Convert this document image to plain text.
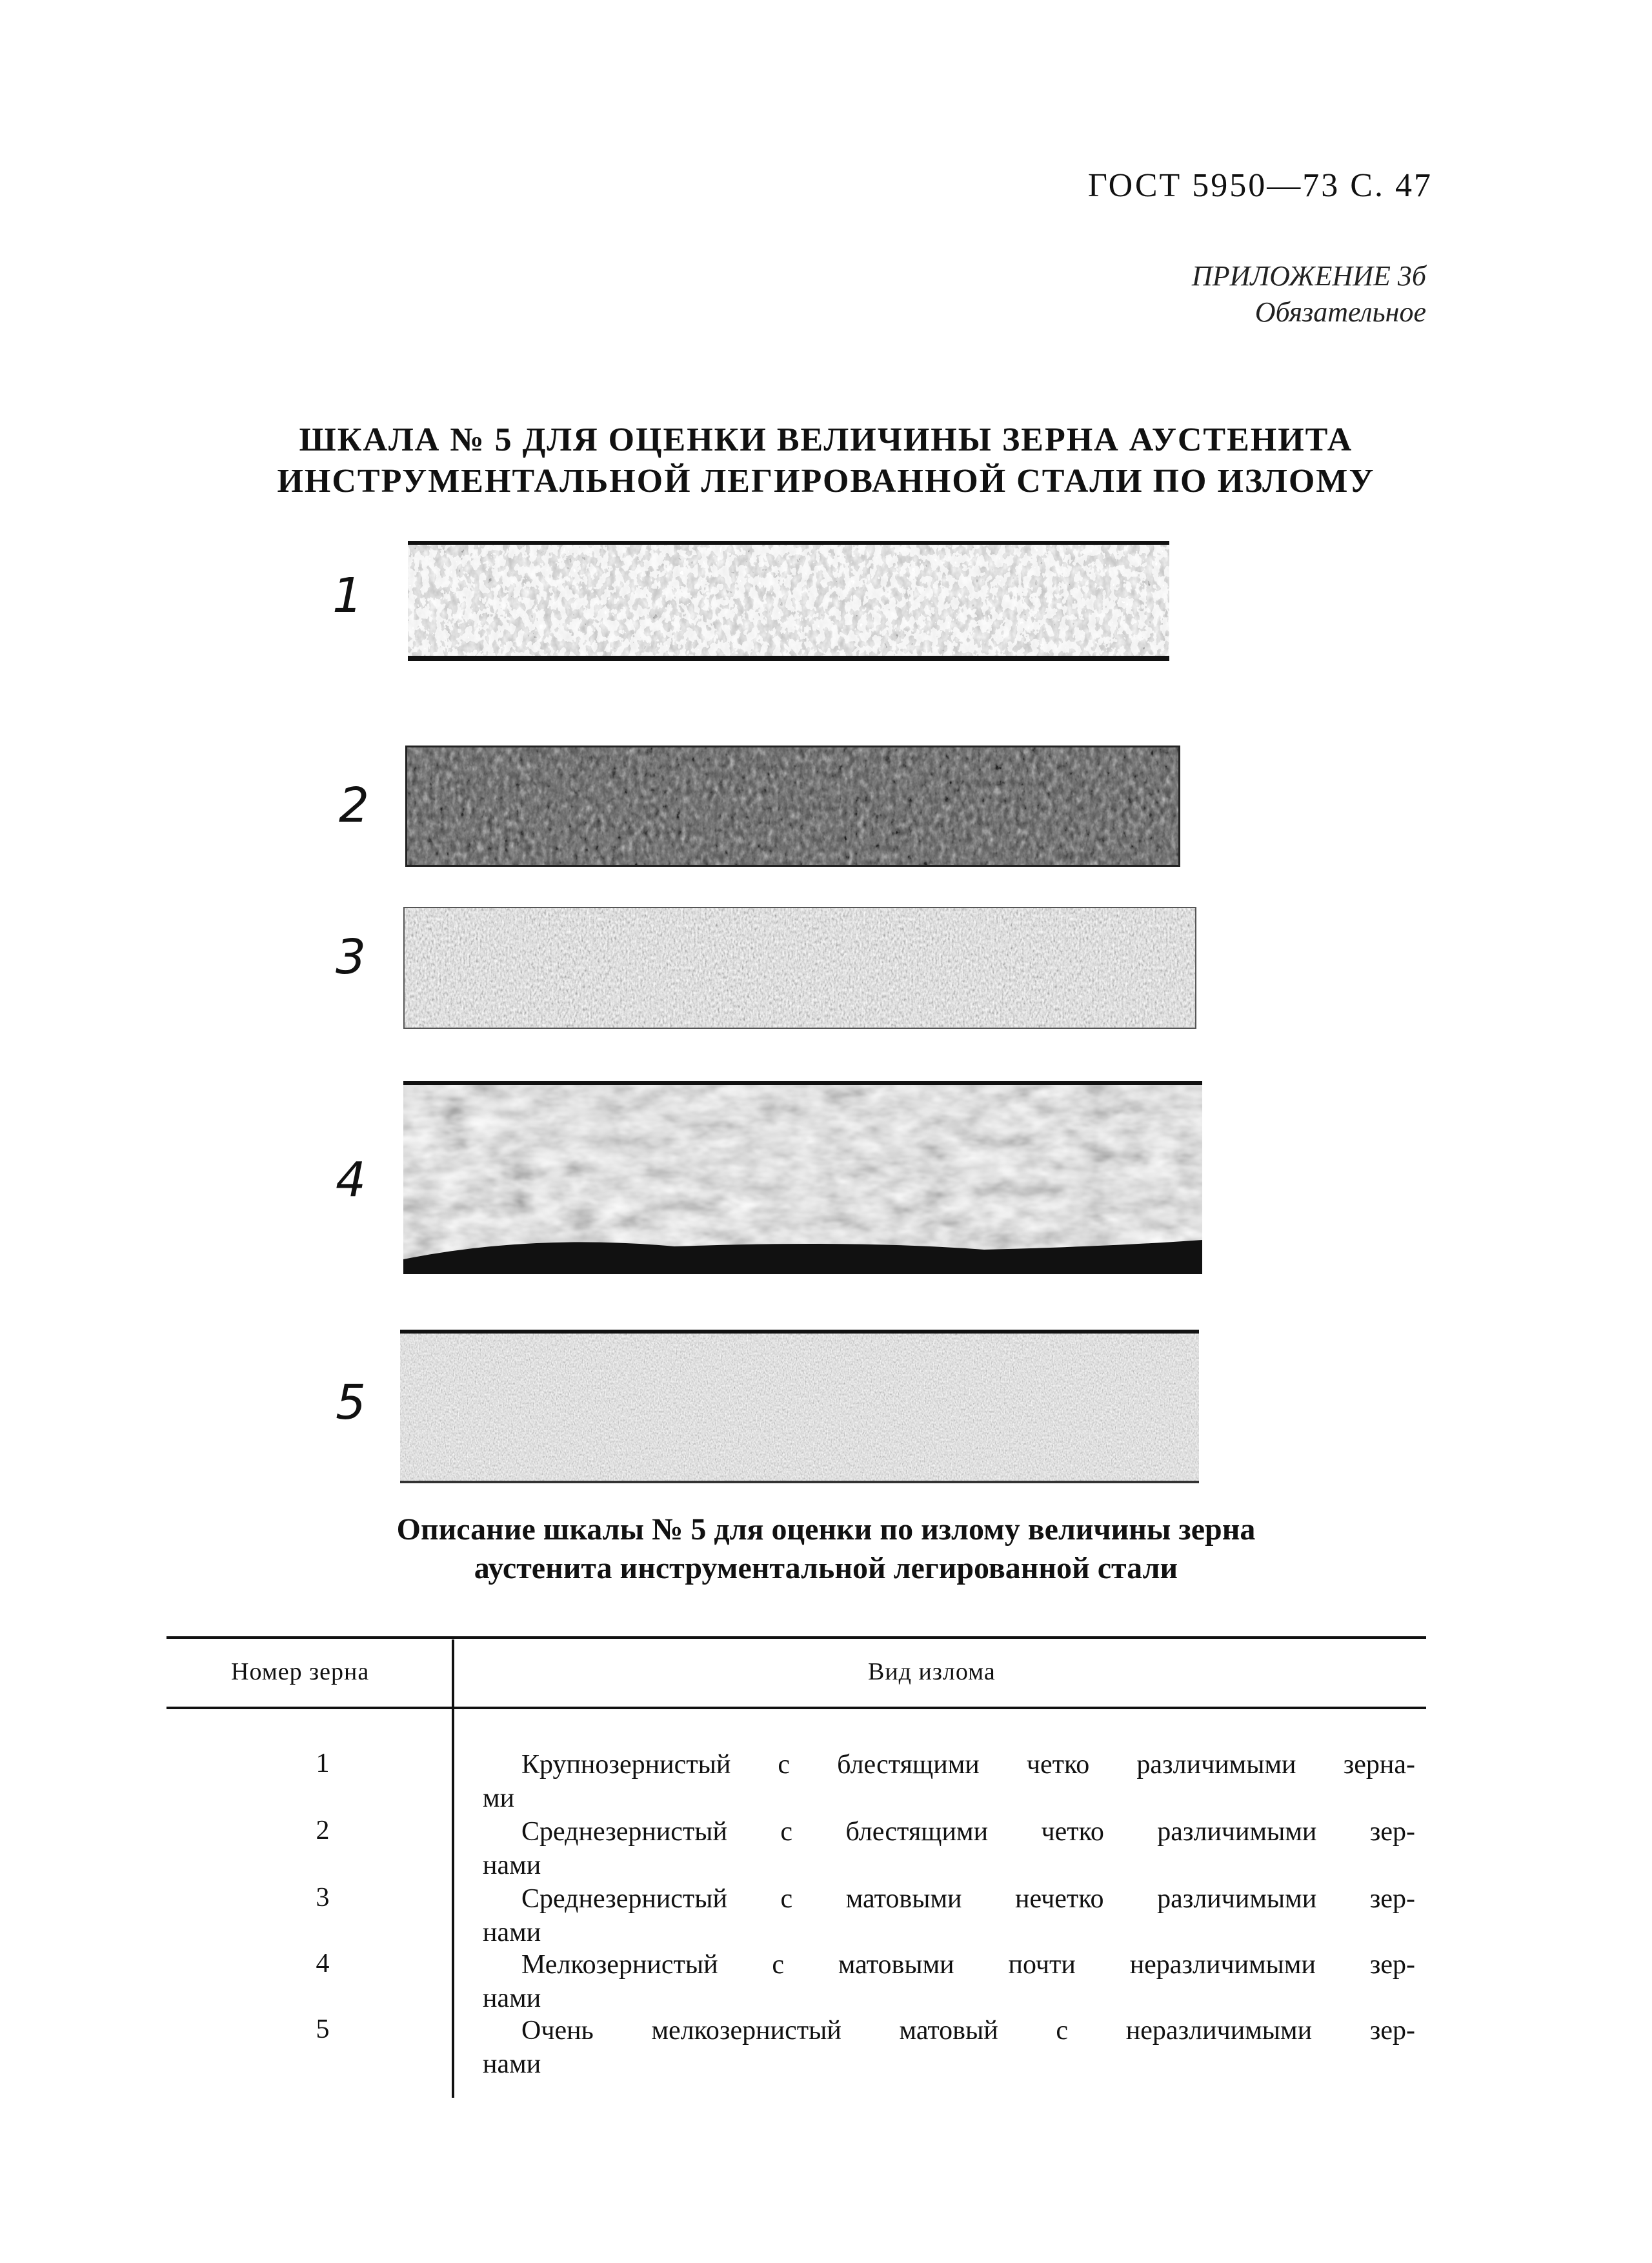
ГОСТ 5950—73 С. 47
ПРИЛОЖЕНИЕ 3б
Обязательное
ШКАЛА № 5 ДЛЯ ОЦЕНКИ ВЕЛИЧИНЫ ЗЕРНА АУСТЕНИТА
ИНСТРУМЕНТАЛЬНОЙ ЛЕГИРОВАННОЙ СТАЛИ ПО ИЗЛОМУ
1
2
3
4
5
Описание шкалы № 5 для оценки по излому величины зерна
аустенита инструментальной легированной стали
Номер зерна	Вид излома
1	Крупнозернистый с блестящими четко различимыми зерна-
ми
2	Среднезернистый с блестящими четко различимыми зер-
нами
3	Среднезернистый с матовыми нечетко различимыми зер-
нами
4	Мелкозернистый с матовыми почти неразличимыми зер-
нами
5	Очень мелкозернистый матовый с неразличимыми зер-
нами
